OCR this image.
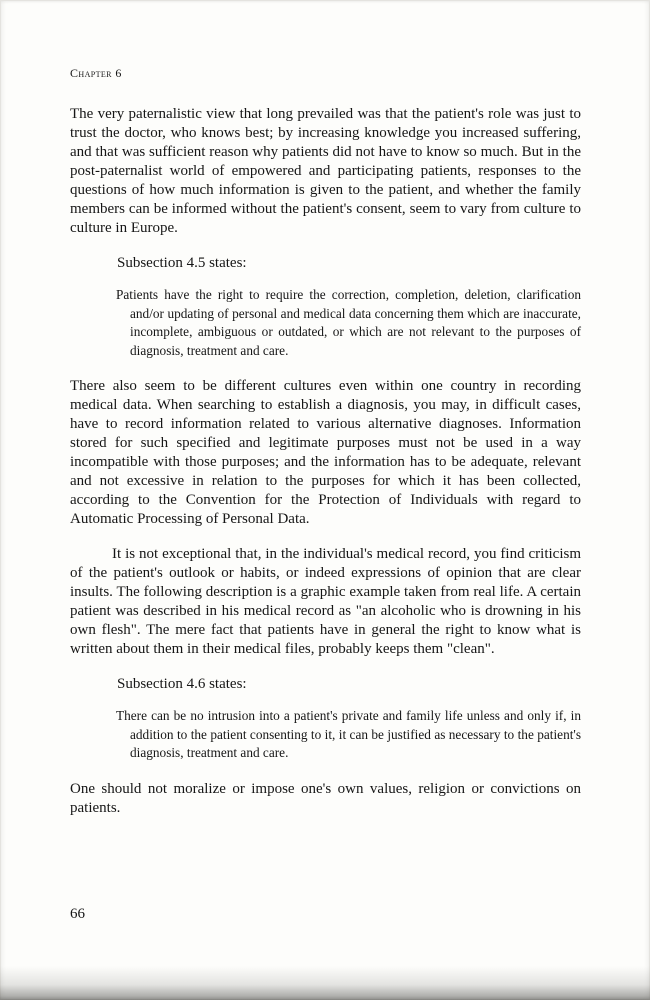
Chapter 6

The very paternalistic view that long prevailed was that the patient's role was just to trust the doctor, who knows best; by increasing knowledge you increased suffering, and that was sufficient reason why patients did not have to know so much. But in the post-paternalist world of empowered and participating patients, responses to the questions of how much information is given to the patient, and whether the family members can be informed without the patient's consent, seem to vary from culture to culture in Europe.

Subsection 4.5 states:

Patients have the right to require the correction, completion, deletion, clarification and/or updating of personal and medical data concerning them which are inaccurate, incomplete, ambiguous or outdated, or which are not relevant to the purposes of diagnosis, treatment and care.

There also seem to be different cultures even within one country in recording medical data. When searching to establish a diagnosis, you may, in difficult cases, have to record information related to various alternative diagnoses. Information stored for such specified and legitimate purposes must not be used in a way incompatible with those purposes; and the information has to be adequate, relevant and not excessive in relation to the purposes for which it has been collected, according to the Convention for the Protection of Individuals with regard to Automatic Processing of Personal Data.

It is not exceptional that, in the individual's medical record, you find criticism of the patient's outlook or habits, or indeed expressions of opinion that are clear insults. The following description is a graphic example taken from real life. A certain patient was described in his medical record as "an alcoholic who is drowning in his own flesh". The mere fact that patients have in general the right to know what is written about them in their medical files, probably keeps them "clean".

Subsection 4.6 states:

There can be no intrusion into a patient's private and family life unless and only if, in addition to the patient consenting to it, it can be justified as necessary to the patient's diagnosis, treatment and care.

One should not moralize or impose one's own values, religion or convictions on patients.

66
